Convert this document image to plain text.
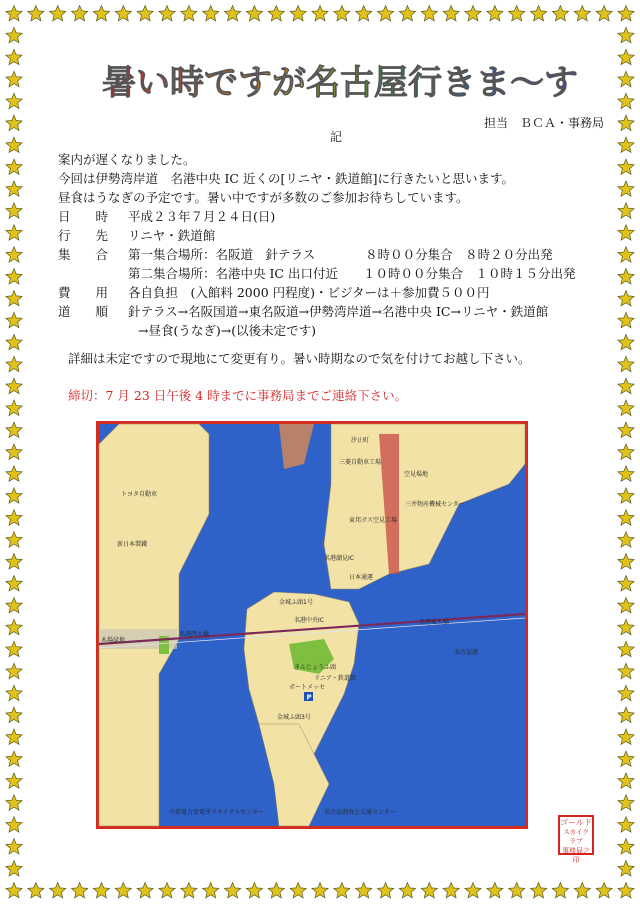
暑い時ですが名古屋行きま～す
担当　ＢＣＡ・事務局
記
案内が遅くなりました。
今回は伊勢湾岸道　名港中央 IC 近くの[リニヤ・鉄道館]に行きたいと思います。
昼食はうなぎの予定です。暑い中ですが多数のご参加お待ちしています。
日　　時 平成２３年７月２４日(日)
行　　先 リニヤ・鉄道館
集　　合 第一集合場所：名阪道　針テラス　　　　８時００分集合　８時２０分出発
第二集合場所：名港中央 IC 出口付近　　１０時００分集合　１０時１５分出発
費　　用 各自負担　(入館料 2000 円程度)・ビジターは＋参加費５００円
道　　順 針テラス→名阪国道→東名阪道→伊勢湾岸道→名港中央 IC→リニヤ・鉄道館
→昼食(うなぎ)→(以後未定です)
詳細は未定ですので現地にて変更有り。暑い時期なので気を付けてお越し下さい。
締切：7 月 23 日午後 4 時までに事務局までご連絡下さい。
汐止町
三菱自動車工場
空見場地
三井物産機械センター
東邦ガス空見工場
日本通運
名港潮見IC
名港中央IC
金城ふ頭1号
名古屋港
トヨタ自動車
新日本製鐵
木場緑地
リニア・鉄道館
ポートメッセ
金城ふ頭3号
中部電力変電所リサイクルセンター	名古屋港海上交通センター
きんじょうふ頭
名港西大橋
名港東大橋
P
ゴールド
スカイクラブ
事務局之印
